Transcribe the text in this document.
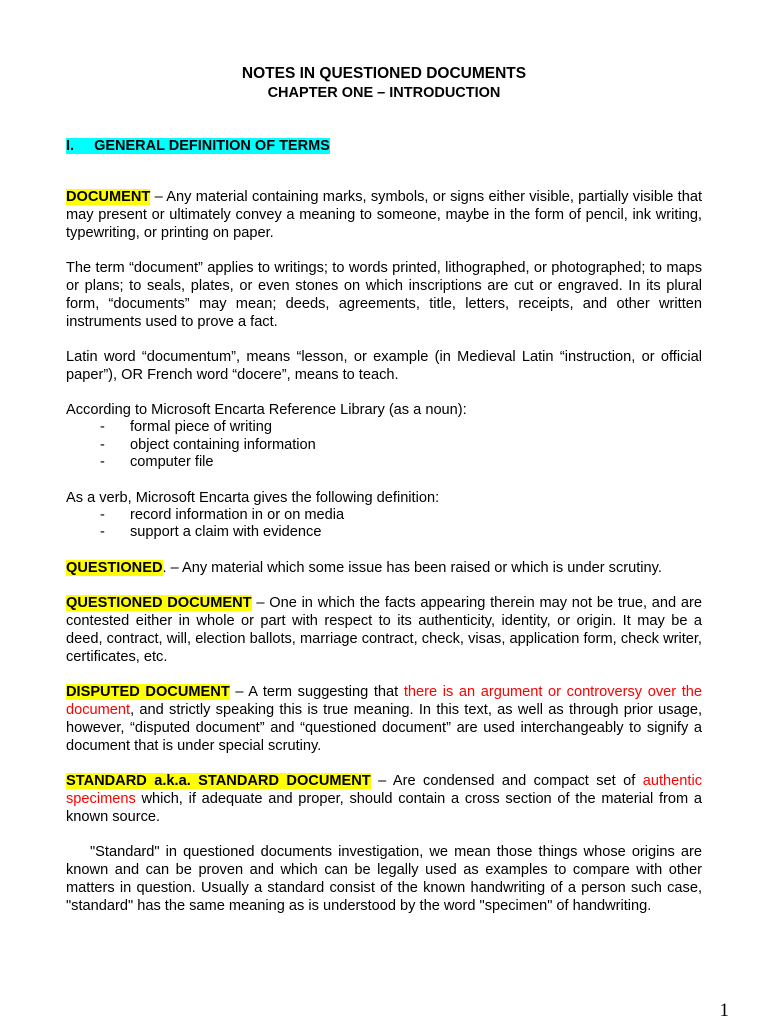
NOTES IN QUESTIONED DOCUMENTS
CHAPTER ONE – INTRODUCTION
I. GENERAL DEFINITION OF TERMS

DOCUMENT – Any material containing marks, symbols, or signs either visible, partially visible that may present or ultimately convey a meaning to someone, maybe in the form of pencil, ink writing, typewriting, or printing on paper.

The term “document” applies to writings; to words printed, lithographed, or photographed; to maps or plans; to seals, plates, or even stones on which inscriptions are cut or engraved. In its plural form, “documents” may mean; deeds, agreements, title, letters, receipts, and other written instruments used to prove a fact.

Latin word “documentum”, means “lesson, or example (in Medieval Latin “instruction, or official paper”), OR French word “docere”, means to teach.

According to Microsoft Encarta Reference Library (as a noun):

- formal piece of writing
- object containing information
- computer file

As a verb, Microsoft Encarta gives the following definition:

- record information in or on media
- support a claim with evidence

QUESTIONED. – Any material which some issue has been raised or which is under scrutiny.

QUESTIONED DOCUMENT – One in which the facts appearing therein may not be true, and are contested either in whole or part with respect to its authenticity, identity, or origin. It may be a deed, contract, will, election ballots, marriage contract, check, visas, application form, check writer, certificates, etc.

DISPUTED DOCUMENT – A term suggesting that there is an argument or controversy over the document, and strictly speaking this is true meaning. In this text, as well as through prior usage, however, “disputed document” and “questioned document” are used interchangeably to signify a document that is under special scrutiny.

STANDARD a.k.a. STANDARD DOCUMENT – Are condensed and compact set of authentic specimens which, if adequate and proper, should contain a cross section of the material from a known source.

"Standard" in questioned documents investigation, we mean those things whose origins are known and can be proven and which can be legally used as examples to compare with other matters in question. Usually a standard consist of the known handwriting of a person such case, "standard" has the same meaning as is understood by the word "specimen" of handwriting.

1
